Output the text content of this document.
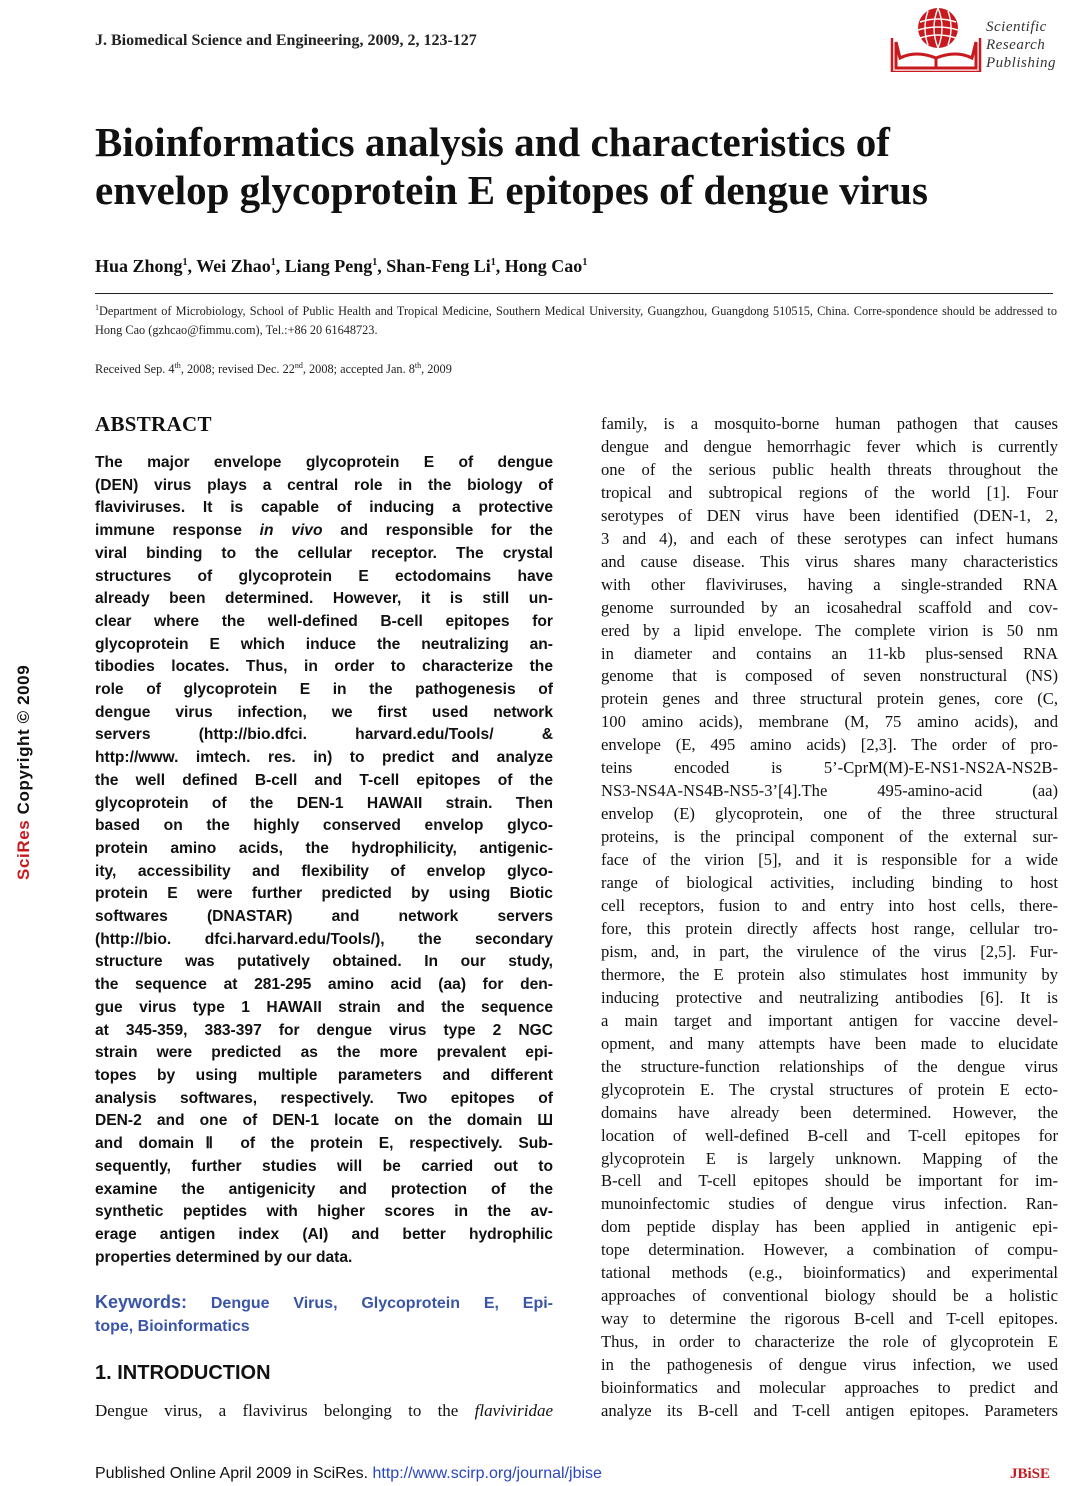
J. Biomedical Science and Engineering, 2009, 2, 123-127
Scientific
Research
Publishing
Bioinformatics analysis and characteristics of
envelop glycoprotein E epitopes of dengue virus
Hua Zhong$^1$, Wei Zhao$^1$, Liang Peng$^1$, Shan-Feng Li$^1$, Hong Cao$^1$
$^1$Department of Microbiology, School of Public Health and Tropical Medicine, Southern Medical University, Guangzhou, Guangdong 510515, China. Corre-spondence should be addressed to Hong Cao (gzhcao@fimmu.com), Tel.:+86 20 61648723.
Received Sep. 4th, 2008; revised Dec. 22nd, 2008; accepted Jan. 8th, 2009
ABSTRACT
The major envelope glycoprotein E of dengue
(DEN) virus plays a central role in the biology of
flaviviruses. It is capable of inducing a protective
immune response in vivo and responsible for the
viral binding to the cellular receptor. The crystal
structures of glycoprotein E ectodomains have
already been determined. However, it is still un-
clear where the well-defined B-cell epitopes for
glycoprotein E which induce the neutralizing an-
tibodies locates. Thus, in order to characterize the
role of glycoprotein E in the pathogenesis of
dengue virus infection, we first used network
servers (http://bio.dfci. harvard.edu/Tools/ &
http://www. imtech. res. in) to predict and analyze
the well defined B-cell and T-cell epitopes of the
glycoprotein of the DEN-1 HAWAII strain. Then
based on the highly conserved envelop glyco-
protein amino acids, the hydrophilicity, antigenic-
ity, accessibility and flexibility of envelop glyco-
protein E were further predicted by using Biotic
softwares (DNASTAR) and network servers
(http://bio. dfci.harvard.edu/Tools/), the secondary
structure was putatively obtained. In our study,
the sequence at 281-295 amino acid (aa) for den-
gue virus type 1 HAWAII strain and the sequence
at 345-359, 383-397 for dengue virus type 2 NGC
strain were predicted as the more prevalent epi-
topes by using multiple parameters and different
analysis softwares, respectively. Two epitopes of
DEN-2 and one of DEN-1 locate on the domain Ш
and domainⅡ of the protein E, respectively. Sub-
sequently, further studies will be carried out to
examine the antigenicity and protection of the
synthetic peptides with higher scores in the av-
erage antigen index (AI) and better hydrophilic
properties determined by our data.
Keywords: Dengue Virus, Glycoprotein E, Epi-
tope, Bioinformatics
1. INTRODUCTION
Dengue virus, a flavivirus belonging to the flaviviridae
family, is a mosquito-borne human pathogen that causes
dengue and dengue hemorrhagic fever which is currently
one of the serious public health threats throughout the
tropical and subtropical regions of the world [1]. Four
serotypes of DEN virus have been identified (DEN-1, 2,
3 and 4), and each of these serotypes can infect humans
and cause disease. This virus shares many characteristics
with other flaviviruses, having a single-stranded RNA
genome surrounded by an icosahedral scaffold and cov-
ered by a lipid envelope. The complete virion is 50 nm
in diameter and contains an 11-kb plus-sensed RNA
genome that is composed of seven nonstructural (NS)
protein genes and three structural protein genes, core (C,
100 amino acids), membrane (M, 75 amino acids), and
envelope (E, 495 amino acids) [2,3]. The order of pro-
teins encoded is 5’-CprM(M)-E-NS1-NS2A-NS2B-
NS3-NS4A-NS4B-NS5-3’[4].The 495-amino-acid (aa)
envelop (E) glycoprotein, one of the three structural
proteins, is the principal component of the external sur-
face of the virion [5], and it is responsible for a wide
range of biological activities, including binding to host
cell receptors, fusion to and entry into host cells, there-
fore, this protein directly affects host range, cellular tro-
pism, and, in part, the virulence of the virus [2,5]. Fur-
thermore, the E protein also stimulates host immunity by
inducing protective and neutralizing antibodies [6]. It is
a main target and important antigen for vaccine devel-
opment, and many attempts have been made to elucidate
the structure-function relationships of the dengue virus
glycoprotein E. The crystal structures of protein E ecto-
domains have already been determined. However, the
location of well-defined B-cell and T-cell epitopes for
glycoprotein E is largely unknown. Mapping of the
B-cell and T-cell epitopes should be important for im-
munoinfectomic studies of dengue virus infection. Ran-
dom peptide display has been applied in antigenic epi-
tope determination. However, a combination of compu-
tational methods (e.g., bioinformatics) and experimental
approaches of conventional biology should be a holistic
way to determine the rigorous B-cell and T-cell epitopes.
Thus, in order to characterize the role of glycoprotein E
in the pathogenesis of dengue virus infection, we used
bioinformatics and molecular approaches to predict and
analyze its B-cell and T-cell antigen epitopes. Parameters
SciRes Copyright © 2009
Published Online April 2009 in SciRes. http://www.scirp.org/journal/jbise	JBiSE
